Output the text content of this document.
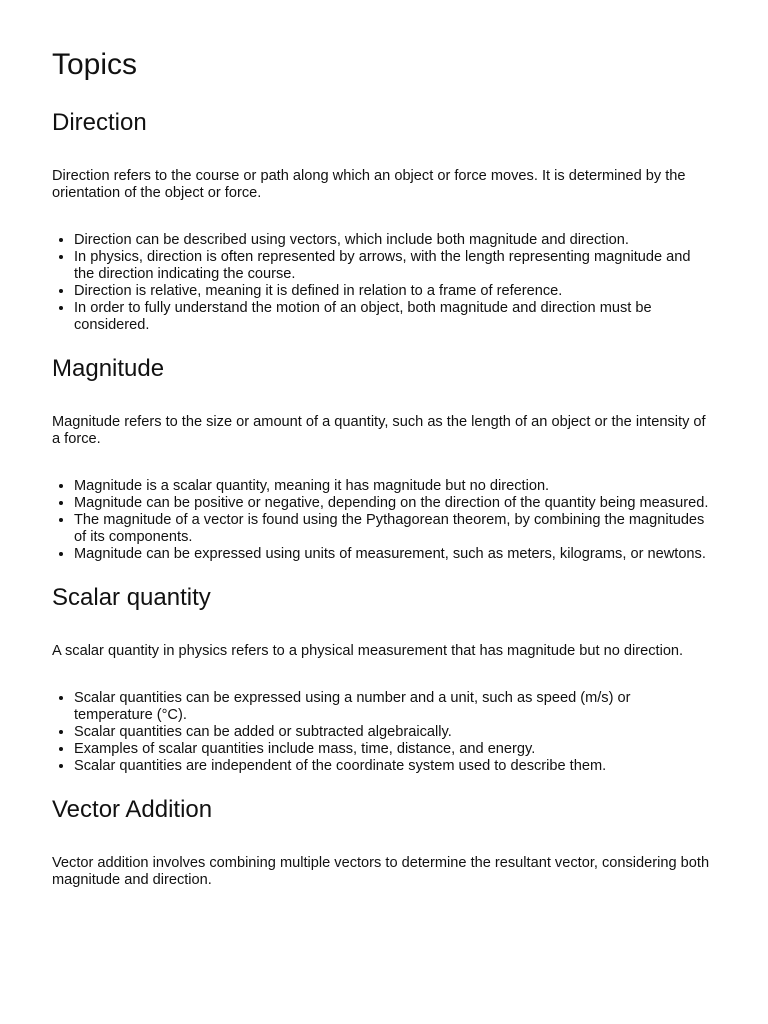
Topics
Direction

Direction refers to the course or path along which an object or force moves. It is determined by the orientation of the object or force.

• Direction can be described using vectors, which include both magnitude and direction.
• In physics, direction is often represented by arrows, with the length representing magnitude and the direction indicating the course.
• Direction is relative, meaning it is defined in relation to a frame of reference.
• In order to fully understand the motion of an object, both magnitude and direction must be considered.
Magnitude

Magnitude refers to the size or amount of a quantity, such as the length of an object or the intensity of a force.

• Magnitude is a scalar quantity, meaning it has magnitude but no direction.
• Magnitude can be positive or negative, depending on the direction of the quantity being measured.
• The magnitude of a vector is found using the Pythagorean theorem, by combining the magnitudes of its components.
• Magnitude can be expressed using units of measurement, such as meters, kilograms, or newtons.
Scalar quantity

A scalar quantity in physics refers to a physical measurement that has magnitude but no direction.

• Scalar quantities can be expressed using a number and a unit, such as speed (m/s) or temperature (°C).
• Scalar quantities can be added or subtracted algebraically.
• Examples of scalar quantities include mass, time, distance, and energy.
• Scalar quantities are independent of the coordinate system used to describe them.
Vector Addition

Vector addition involves combining multiple vectors to determine the resultant vector, considering both magnitude and direction.
